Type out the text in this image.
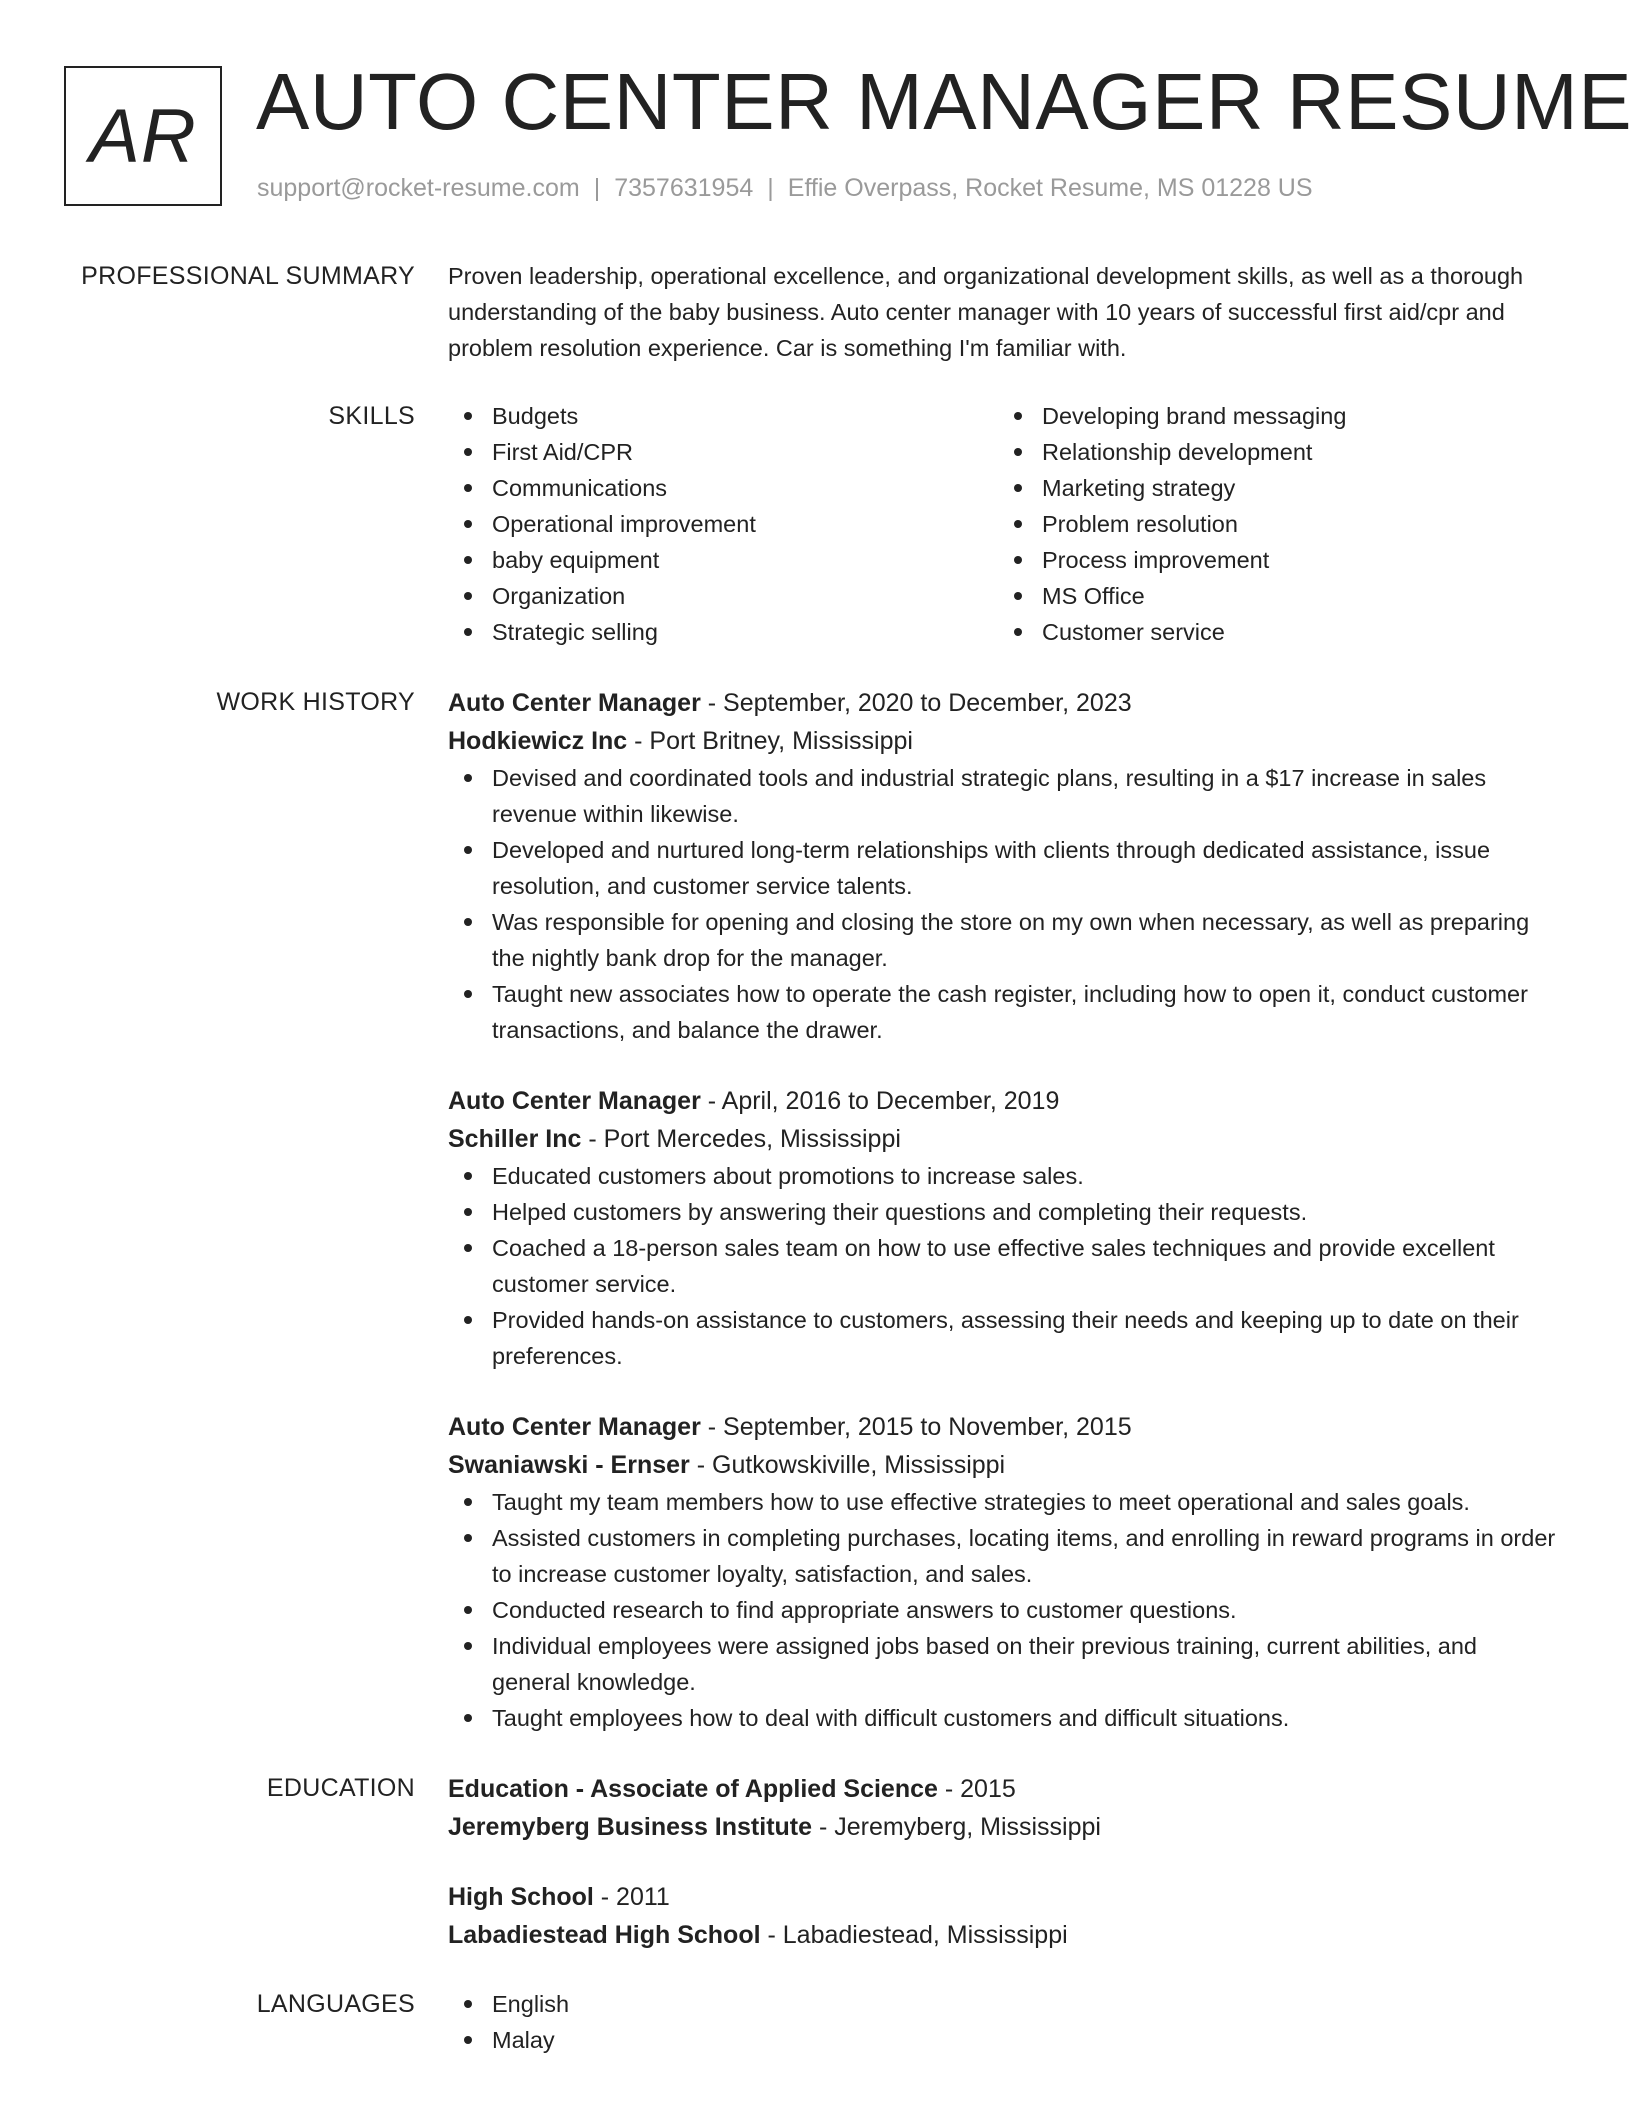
AR AUTO CENTER MANAGER RESUME
support@rocket-resume.com | 7357631954 | Effie Overpass, Rocket Resume, MS 01228 US
PROFESSIONAL SUMMARY Proven leadership, operational excellence, and organizational development skills, as well as a thorough understanding of the baby business. Auto center manager with 10 years of successful first aid/cpr and problem resolution experience. Car is something I'm familiar with.

SKILLS	Budgets
First Aid/CPR
Communications
Operational improvement
baby equipment
Organization
Strategic selling
Developing brand messaging
Relationship development
Marketing strategy
Problem resolution
Process improvement
MS Office
Customer service
WORK HISTORY Auto Center Manager - September, 2020 to December, 2023
Hodkiewicz Inc - Port Britney, Mississippi
Devised and coordinated tools and industrial strategic plans, resulting in a $17 increase in sales revenue within likewise.
Developed and nurtured long-term relationships with clients through dedicated assistance, issue resolution, and customer service talents.
Was responsible for opening and closing the store on my own when necessary, as well as preparing the nightly bank drop for the manager.
Taught new associates how to operate the cash register, including how to open it, conduct customer transactions, and balance the drawer.
Auto Center Manager - April, 2016 to December, 2019
Schiller Inc - Port Mercedes, Mississippi
Educated customers about promotions to increase sales.
Helped customers by answering their questions and completing their requests.
Coached a 18-person sales team on how to use effective sales techniques and provide excellent customer service.
Provided hands-on assistance to customers, assessing their needs and keeping up to date on their preferences.
Auto Center Manager - September, 2015 to November, 2015
Swaniawski - Ernser - Gutkowskiville, Mississippi
Taught my team members how to use effective strategies to meet operational and sales goals.
Assisted customers in completing purchases, locating items, and enrolling in reward programs in order to increase customer loyalty, satisfaction, and sales.
Conducted research to find appropriate answers to customer questions.
Individual employees were assigned jobs based on their previous training, current abilities, and general knowledge.
Taught employees how to deal with difficult customers and difficult situations.
EDUCATION Education - Associate of Applied Science - 2015
Jeremyberg Business Institute - Jeremyberg, Mississippi
High School - 2011
Labadiestead High School - Labadiestead, Mississippi
LANGUAGES	English
Malay
